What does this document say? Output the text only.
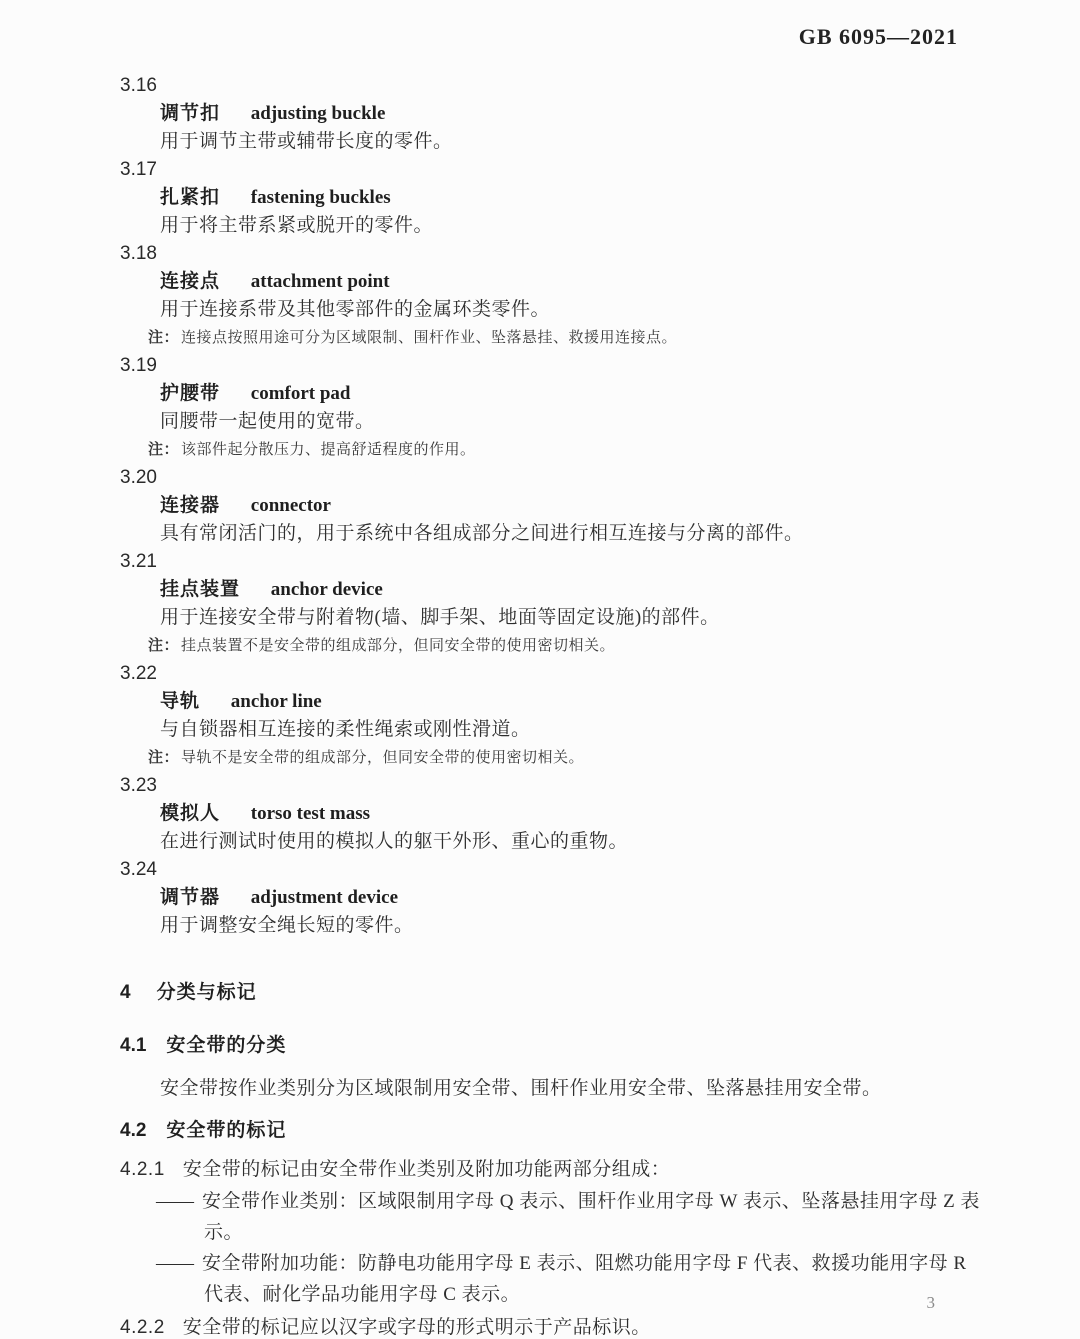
GB 6095—2021
3.16
调节扣 adjusting buckle
用于调节主带或辅带长度的零件。
3.17
扎紧扣 fastening buckles
用于将主带系紧或脱开的零件。
3.18
连接点 attachment point
用于连接系带及其他零部件的金属环类零件。
注： 连接点按照用途可分为区域限制、围杆作业、坠落悬挂、救援用连接点。
3.19
护腰带 comfort pad
同腰带一起使用的宽带。
注： 该部件起分散压力、提高舒适程度的作用。
3.20
连接器 connector
具有常闭活门的，用于系统中各组成部分之间进行相互连接与分离的部件。
3.21
挂点装置 anchor device
用于连接安全带与附着物(墙、脚手架、地面等固定设施)的部件。
注： 挂点装置不是安全带的组成部分，但同安全带的使用密切相关。
3.22
导轨 anchor line
与自锁器相互连接的柔性绳索或刚性滑道。
注： 导轨不是安全带的组成部分，但同安全带的使用密切相关。
3.23
模拟人 torso test mass
在进行测试时使用的模拟人的躯干外形、重心的重物。
3.24
调节器 adjustment device
用于调整安全绳长短的零件。
4 分类与标记
4.1 安全带的分类
安全带按作业类别分为区域限制用安全带、围杆作业用安全带、坠落悬挂用安全带。
4.2 安全带的标记
4.2.1 安全带的标记由安全带作业类别及附加功能两部分组成：
—— 安全带作业类别：区域限制用字母 Q 表示、围杆作业用字母 W 表示、坠落悬挂用字母 Z 表示。
—— 安全带附加功能：防静电功能用字母 E 表示、阻燃功能用字母 F 代表、救援功能用字母 R 代表、耐化学品功能用字母 C 表示。
4.2.2 安全带的标记应以汉字或字母的形式明示于产品标识。
3
